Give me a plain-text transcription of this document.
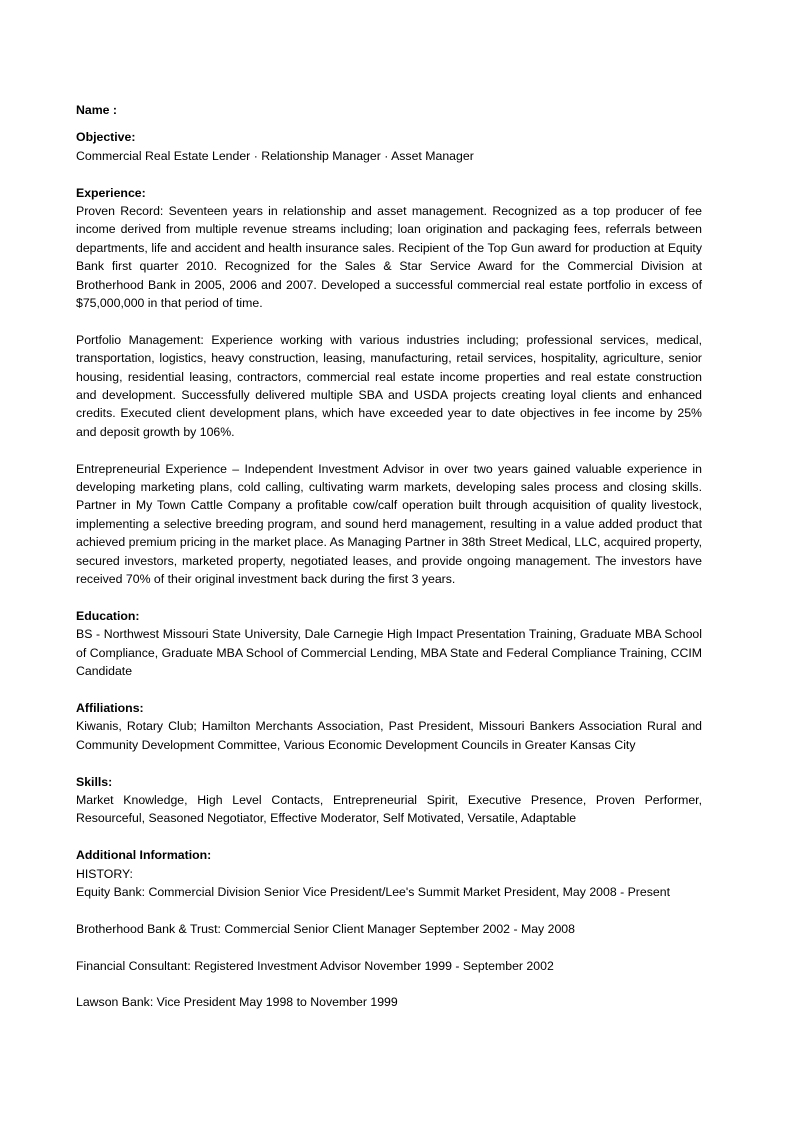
Name :

Objective:

Commercial Real Estate Lender · Relationship Manager · Asset Manager

Experience:

Proven Record: Seventeen years in relationship and asset management. Recognized as a top producer of fee income derived from multiple revenue streams including; loan origination and packaging fees, referrals between departments, life and accident and health insurance sales. Recipient of the Top Gun award for production at Equity Bank first quarter 2010. Recognized for the Sales & Star Service Award for the Commercial Division at Brotherhood Bank in 2005, 2006 and 2007. Developed a successful commercial real estate portfolio in excess of $75,000,000 in that period of time.

Portfolio Management: Experience working with various industries including; professional services, medical, transportation, logistics, heavy construction, leasing, manufacturing, retail services, hospitality, agriculture, senior housing, residential leasing, contractors, commercial real estate income properties and real estate construction and development. Successfully delivered multiple SBA and USDA projects creating loyal clients and enhanced credits. Executed client development plans, which have exceeded year to date objectives in fee income by 25% and deposit growth by 106%.

Entrepreneurial Experience – Independent Investment Advisor in over two years gained valuable experience in developing marketing plans, cold calling, cultivating warm markets, developing sales process and closing skills. Partner in My Town Cattle Company a profitable cow/calf operation built through acquisition of quality livestock, implementing a selective breeding program, and sound herd management, resulting in a value added product that achieved premium pricing in the market place. As Managing Partner in 38th Street Medical, LLC, acquired property, secured investors, marketed property, negotiated leases, and provide ongoing management. The investors have received 70% of their original investment back during the first 3 years.

Education:

BS - Northwest Missouri State University, Dale Carnegie High Impact Presentation Training, Graduate MBA School of Compliance, Graduate MBA School of Commercial Lending, MBA State and Federal Compliance Training, CCIM Candidate

Affiliations:

Kiwanis, Rotary Club; Hamilton Merchants Association, Past President, Missouri Bankers Association Rural and Community Development Committee, Various Economic Development Councils in Greater Kansas City

Skills:

Market Knowledge, High Level Contacts, Entrepreneurial Spirit, Executive Presence, Proven Performer, Resourceful, Seasoned Negotiator, Effective Moderator, Self Motivated, Versatile, Adaptable

Additional Information:

HISTORY:

Equity Bank: Commercial Division Senior Vice President/Lee's Summit Market President, May 2008 - Present

Brotherhood Bank & Trust: Commercial Senior Client Manager September 2002 - May 2008

Financial Consultant: Registered Investment Advisor November 1999 - September 2002

Lawson Bank: Vice President May 1998 to November 1999
